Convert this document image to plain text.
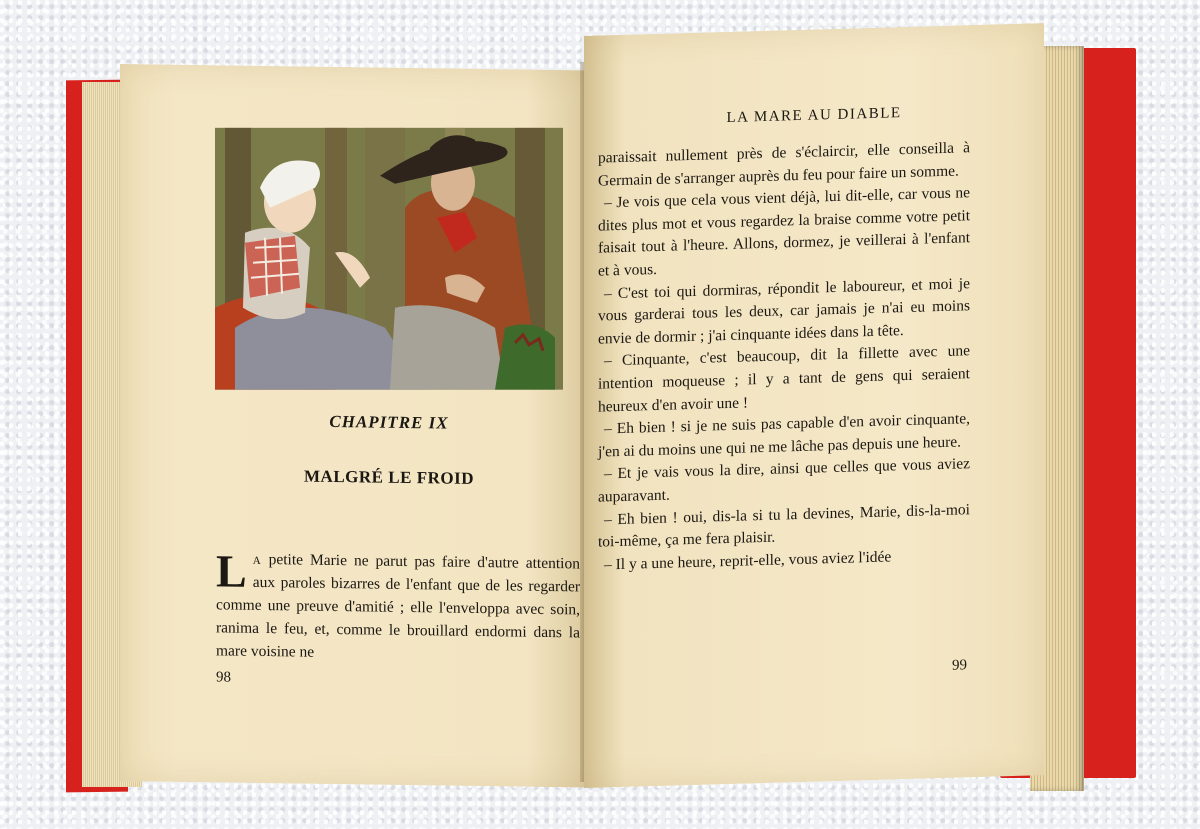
CHAPITRE IX
MALGRÉ LE FROID
La petite Marie ne parut pas faire d'autre attention aux paroles bizarres de l'enfant que de les regarder comme une preuve d'amitié ; elle l'enveloppa avec soin, ranima le feu, et, comme le brouillard endormi dans la mare voisine ne
98
LA MARE AU DIABLE

paraissait nullement près de s'éclaircir, elle conseilla à Germain de s'arranger auprès du feu pour faire un somme.

– Je vois que cela vous vient déjà, lui dit-elle, car vous ne dites plus mot et vous regardez la braise comme votre petit faisait tout à l'heure. Allons, dormez, je veillerai à l'enfant et à vous.

– C'est toi qui dormiras, répondit le laboureur, et moi je vous garderai tous les deux, car jamais je n'ai eu moins envie de dormir ; j'ai cinquante idées dans la tête.

– Cinquante, c'est beaucoup, dit la fillette avec une intention moqueuse ; il y a tant de gens qui seraient heureux d'en avoir une !

– Eh bien ! si je ne suis pas capable d'en avoir cinquante, j'en ai du moins une qui ne me lâche pas depuis une heure.

– Et je vais vous la dire, ainsi que celles que vous aviez auparavant.

– Eh bien ! oui, dis-la si tu la devines, Marie, dis-la-moi toi-même, ça me fera plaisir.

– Il y a une heure, reprit-elle, vous aviez l'idée

99
